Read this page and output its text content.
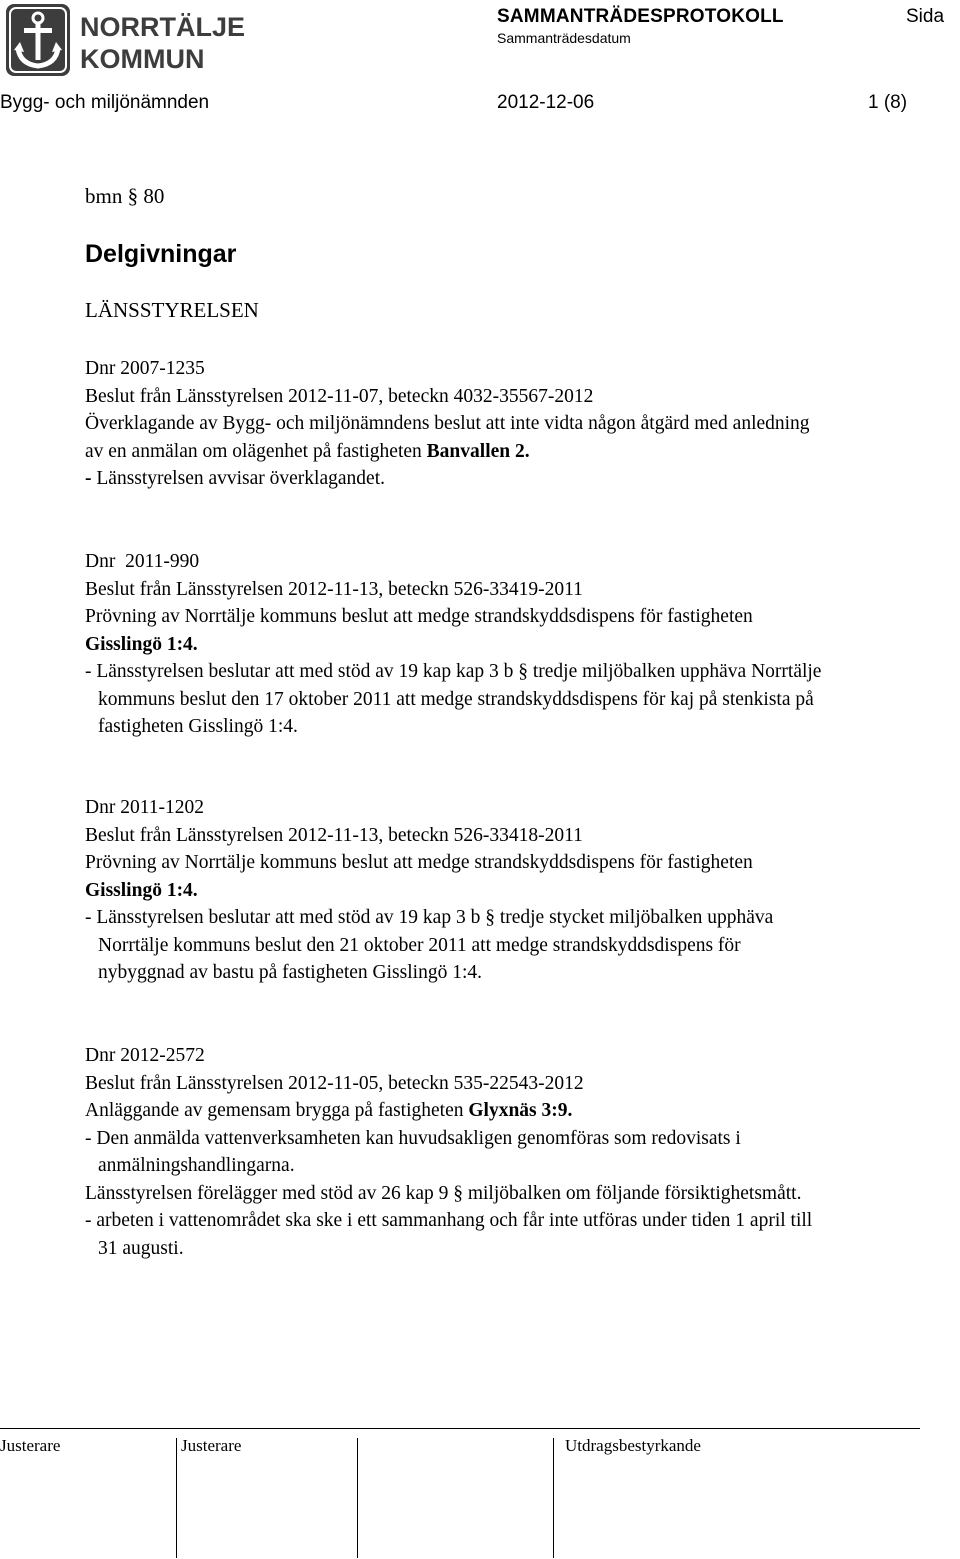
NORRTÄLJE
KOMMUN
SAMMANTRÄDESPROTOKOLL	Sida
Sammanträdesdatum
Bygg- och miljönämnden	2012-12-06	1 (8)
bmn § 80
Delgivningar
LÄNSSTYRELSEN
Dnr 2007-1235
Beslut från Länsstyrelsen 2012-11-07, beteckn 4032-35567-2012
Överklagande av Bygg- och miljönämndens beslut att inte vidta någon åtgärd med anledning
av en anmälan om olägenhet på fastigheten Banvallen 2.
- Länsstyrelsen avvisar överklagandet.
Dnr  2011-990
Beslut från Länsstyrelsen 2012-11-13, beteckn 526-33419-2011
Prövning av Norrtälje kommuns beslut att medge strandskyddsdispens för fastigheten
Gisslingö 1:4.
- Länsstyrelsen beslutar att med stöd av 19 kap kap 3 b § tredje miljöbalken upphäva Norrtälje
kommuns beslut den 17 oktober 2011 att medge strandskyddsdispens för kaj på stenkista på
fastigheten Gisslingö 1:4.
Dnr 2011-1202
Beslut från Länsstyrelsen 2012-11-13, beteckn 526-33418-2011
Prövning av Norrtälje kommuns beslut att medge strandskyddsdispens för fastigheten
Gisslingö 1:4.
- Länsstyrelsen beslutar att med stöd av 19 kap 3 b § tredje stycket miljöbalken upphäva
Norrtälje kommuns beslut den 21 oktober 2011 att medge strandskyddsdispens för
nybyggnad av bastu på fastigheten Gisslingö 1:4.
Dnr 2012-2572
Beslut från Länsstyrelsen 2012-11-05, beteckn 535-22543-2012
Anläggande av gemensam brygga på fastigheten Glyxnäs 3:9.
- Den anmälda vattenverksamheten kan huvudsakligen genomföras som redovisats i
anmälningshandlingarna.
Länsstyrelsen förelägger med stöd av 26 kap 9 § miljöbalken om följande försiktighetsmått.
- arbeten i vattenområdet ska ske i ett sammanhang och får inte utföras under tiden 1 april till
31 augusti.
Justerare	Justerare	Utdragsbestyrkande
